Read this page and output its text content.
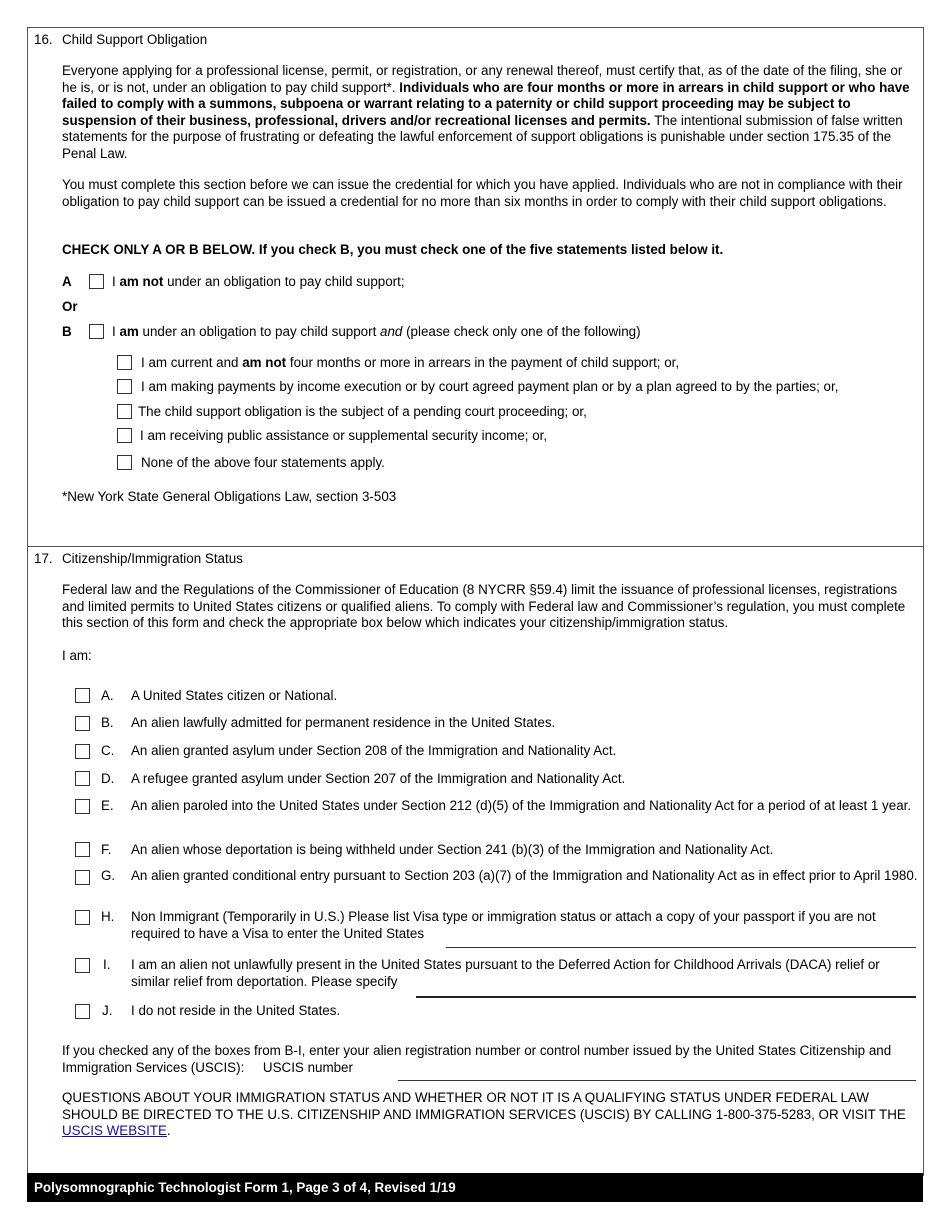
16. Child Support Obligation

Everyone applying for a professional license, permit, or registration, or any renewal thereof, must certify that, as of the date of the filing, she or he is, or is not, under an obligation to pay child support*. Individuals who are four months or more in arrears in child support or who have failed to comply with a summons, subpoena or warrant relating to a paternity or child support proceeding may be subject to suspension of their business, professional, drivers and/or recreational licenses and permits. The intentional submission of false written statements for the purpose of frustrating or defeating the lawful enforcement of support obligations is punishable under section 175.35 of the Penal Law.

You must complete this section before we can issue the credential for which you have applied. Individuals who are not in compliance with their obligation to pay child support can be issued a credential for no more than six months in order to comply with their child support obligations.

CHECK ONLY A OR B BELOW. If you check B, you must check one of the five statements listed below it.

A	I am not under an obligation to pay child support;
Or
B	I am under an obligation to pay child support and (please check only one of the following)
I am current and am not four months or more in arrears in the payment of child support; or,
I am making payments by income execution or by court agreed payment plan or by a plan agreed to by the parties; or,
The child support obligation is the subject of a pending court proceeding; or,
I am receiving public assistance or supplemental security income; or,
None of the above four statements apply.
*New York State General Obligations Law, section 3-503
17. Citizenship/Immigration Status

Federal law and the Regulations of the Commissioner of Education (8 NYCRR §59.4) limit the issuance of professional licenses, registrations and limited permits to United States citizens or qualified aliens. To comply with Federal law and Commissioner’s regulation, you must complete this section of this form and check the appropriate box below which indicates your citizenship/immigration status.

I am:
A. A United States citizen or National.
B. An alien lawfully admitted for permanent residence in the United States.
C. An alien granted asylum under Section 208 of the Immigration and Nationality Act.
D. A refugee granted asylum under Section 207 of the Immigration and Nationality Act.
E. An alien paroled into the United States under Section 212 (d)(5) of the Immigration and Nationality Act for a period of at least 1 year.
F. An alien whose deportation is being withheld under Section 241 (b)(3) of the Immigration and Nationality Act.
G. An alien granted conditional entry pursuant to Section 203 (a)(7) of the Immigration and Nationality Act as in effect prior to April 1980.
H. Non Immigrant (Temporarily in U.S.) Please list Visa type or immigration status or attach a copy of your passport if you are not required to have a Visa to enter the United States
I. I am an alien not unlawfully present in the United States pursuant to the Deferred Action for Childhood Arrivals (DACA) relief or similar relief from deportation. Please specify
J. I do not reside in the United States.

If you checked any of the boxes from B-I, enter your alien registration number or control number issued by the United States Citizenship and Immigration Services (USCIS): USCIS number

QUESTIONS ABOUT YOUR IMMIGRATION STATUS AND WHETHER OR NOT IT IS A QUALIFYING STATUS UNDER FEDERAL LAW SHOULD BE DIRECTED TO THE U.S. CITIZENSHIP AND IMMIGRATION SERVICES (USCIS) BY CALLING 1-800-375-5283, OR VISIT THE USCIS WEBSITE.

Polysomnographic Technologist Form 1, Page 3 of 4, Revised 1/19
